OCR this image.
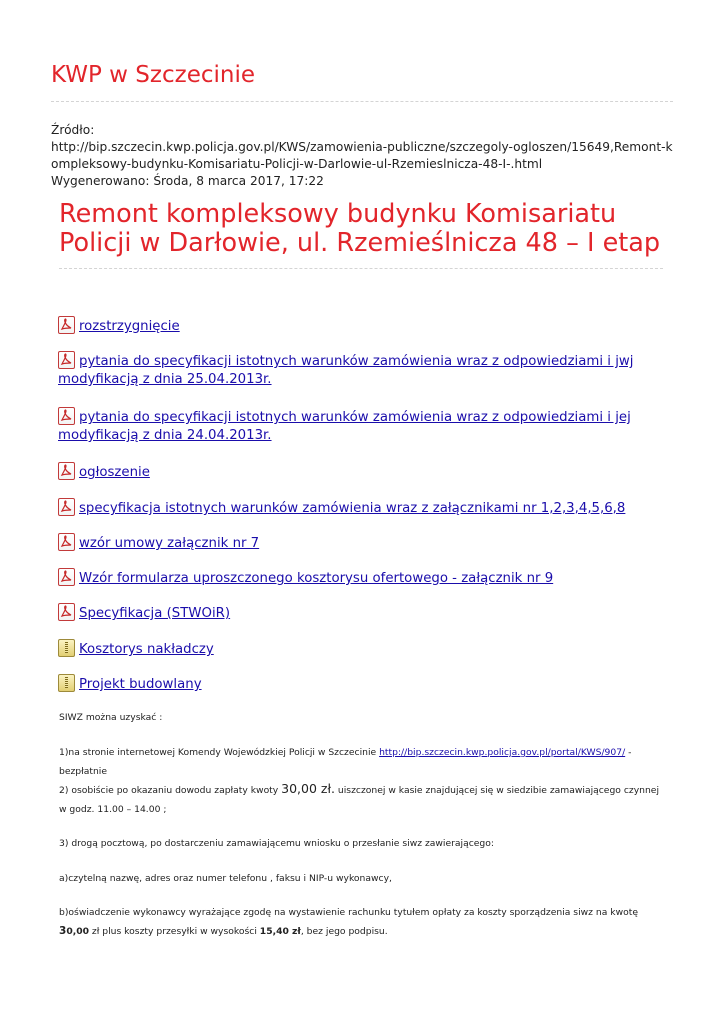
KWP w Szczecinie
Źródło:
http://bip.szczecin.kwp.policja.gov.pl/KWS/zamowienia-publiczne/szczegoly-ogloszen/15649,Remont-kompleksowy-budynku-Komisariatu-Policji-w-Darlowie-ul-Rzemieslnicza-48-I-.html
Wygenerowano: Środa, 8 marca 2017, 17:22
Remont kompleksowy budynku Komisariatu Policji w Darłowie, ul. Rzemieślnicza 48 – I etap
rozstrzygnięcie
pytania do specyfikacji istotnych warunków zamówienia wraz z odpowiedziami i jwj modyfikacją z dnia 25.04.2013r.
pytania do specyfikacji istotnych warunków zamówienia wraz z odpowiedziami i jej modyfikacją z dnia 24.04.2013r.
ogłoszenie
specyfikacja istotnych warunków zamówienia wraz z załącznikami nr 1,2,3,4,5,6,8
wzór umowy załącznik nr 7
Wzór formularza uproszczonego kosztorysu ofertowego - załącznik nr 9
Specyfikacja (STWOiR)
Kosztorys nakładczy
Projekt budowlany
SIWZ można uzyskać :
1)na stronie internetowej Komendy Wojewódzkiej Policji w Szczecinie http://bip.szczecin.kwp.policja.gov.pl/portal/KWS/907/ -bezpłatnie
2) osobiście po okazaniu dowodu zapłaty kwoty 30,00 zł. uiszczonej w kasie znajdującej się w siedzibie zamawiającego czynnej w godz. 11.00 – 14.00 ;
3) drogą pocztową, po dostarczeniu zamawiającemu wniosku o przesłanie siwz zawierającego:
a)czytelną nazwę, adres oraz numer telefonu , faksu i NIP-u wykonawcy,
b)oświadczenie wykonawcy wyrażające zgodę na wystawienie rachunku tytułem opłaty za koszty sporządzenia siwz na kwotę 30,00 zł plus koszty przesyłki w wysokości 15,40 zł, bez jego podpisu.
